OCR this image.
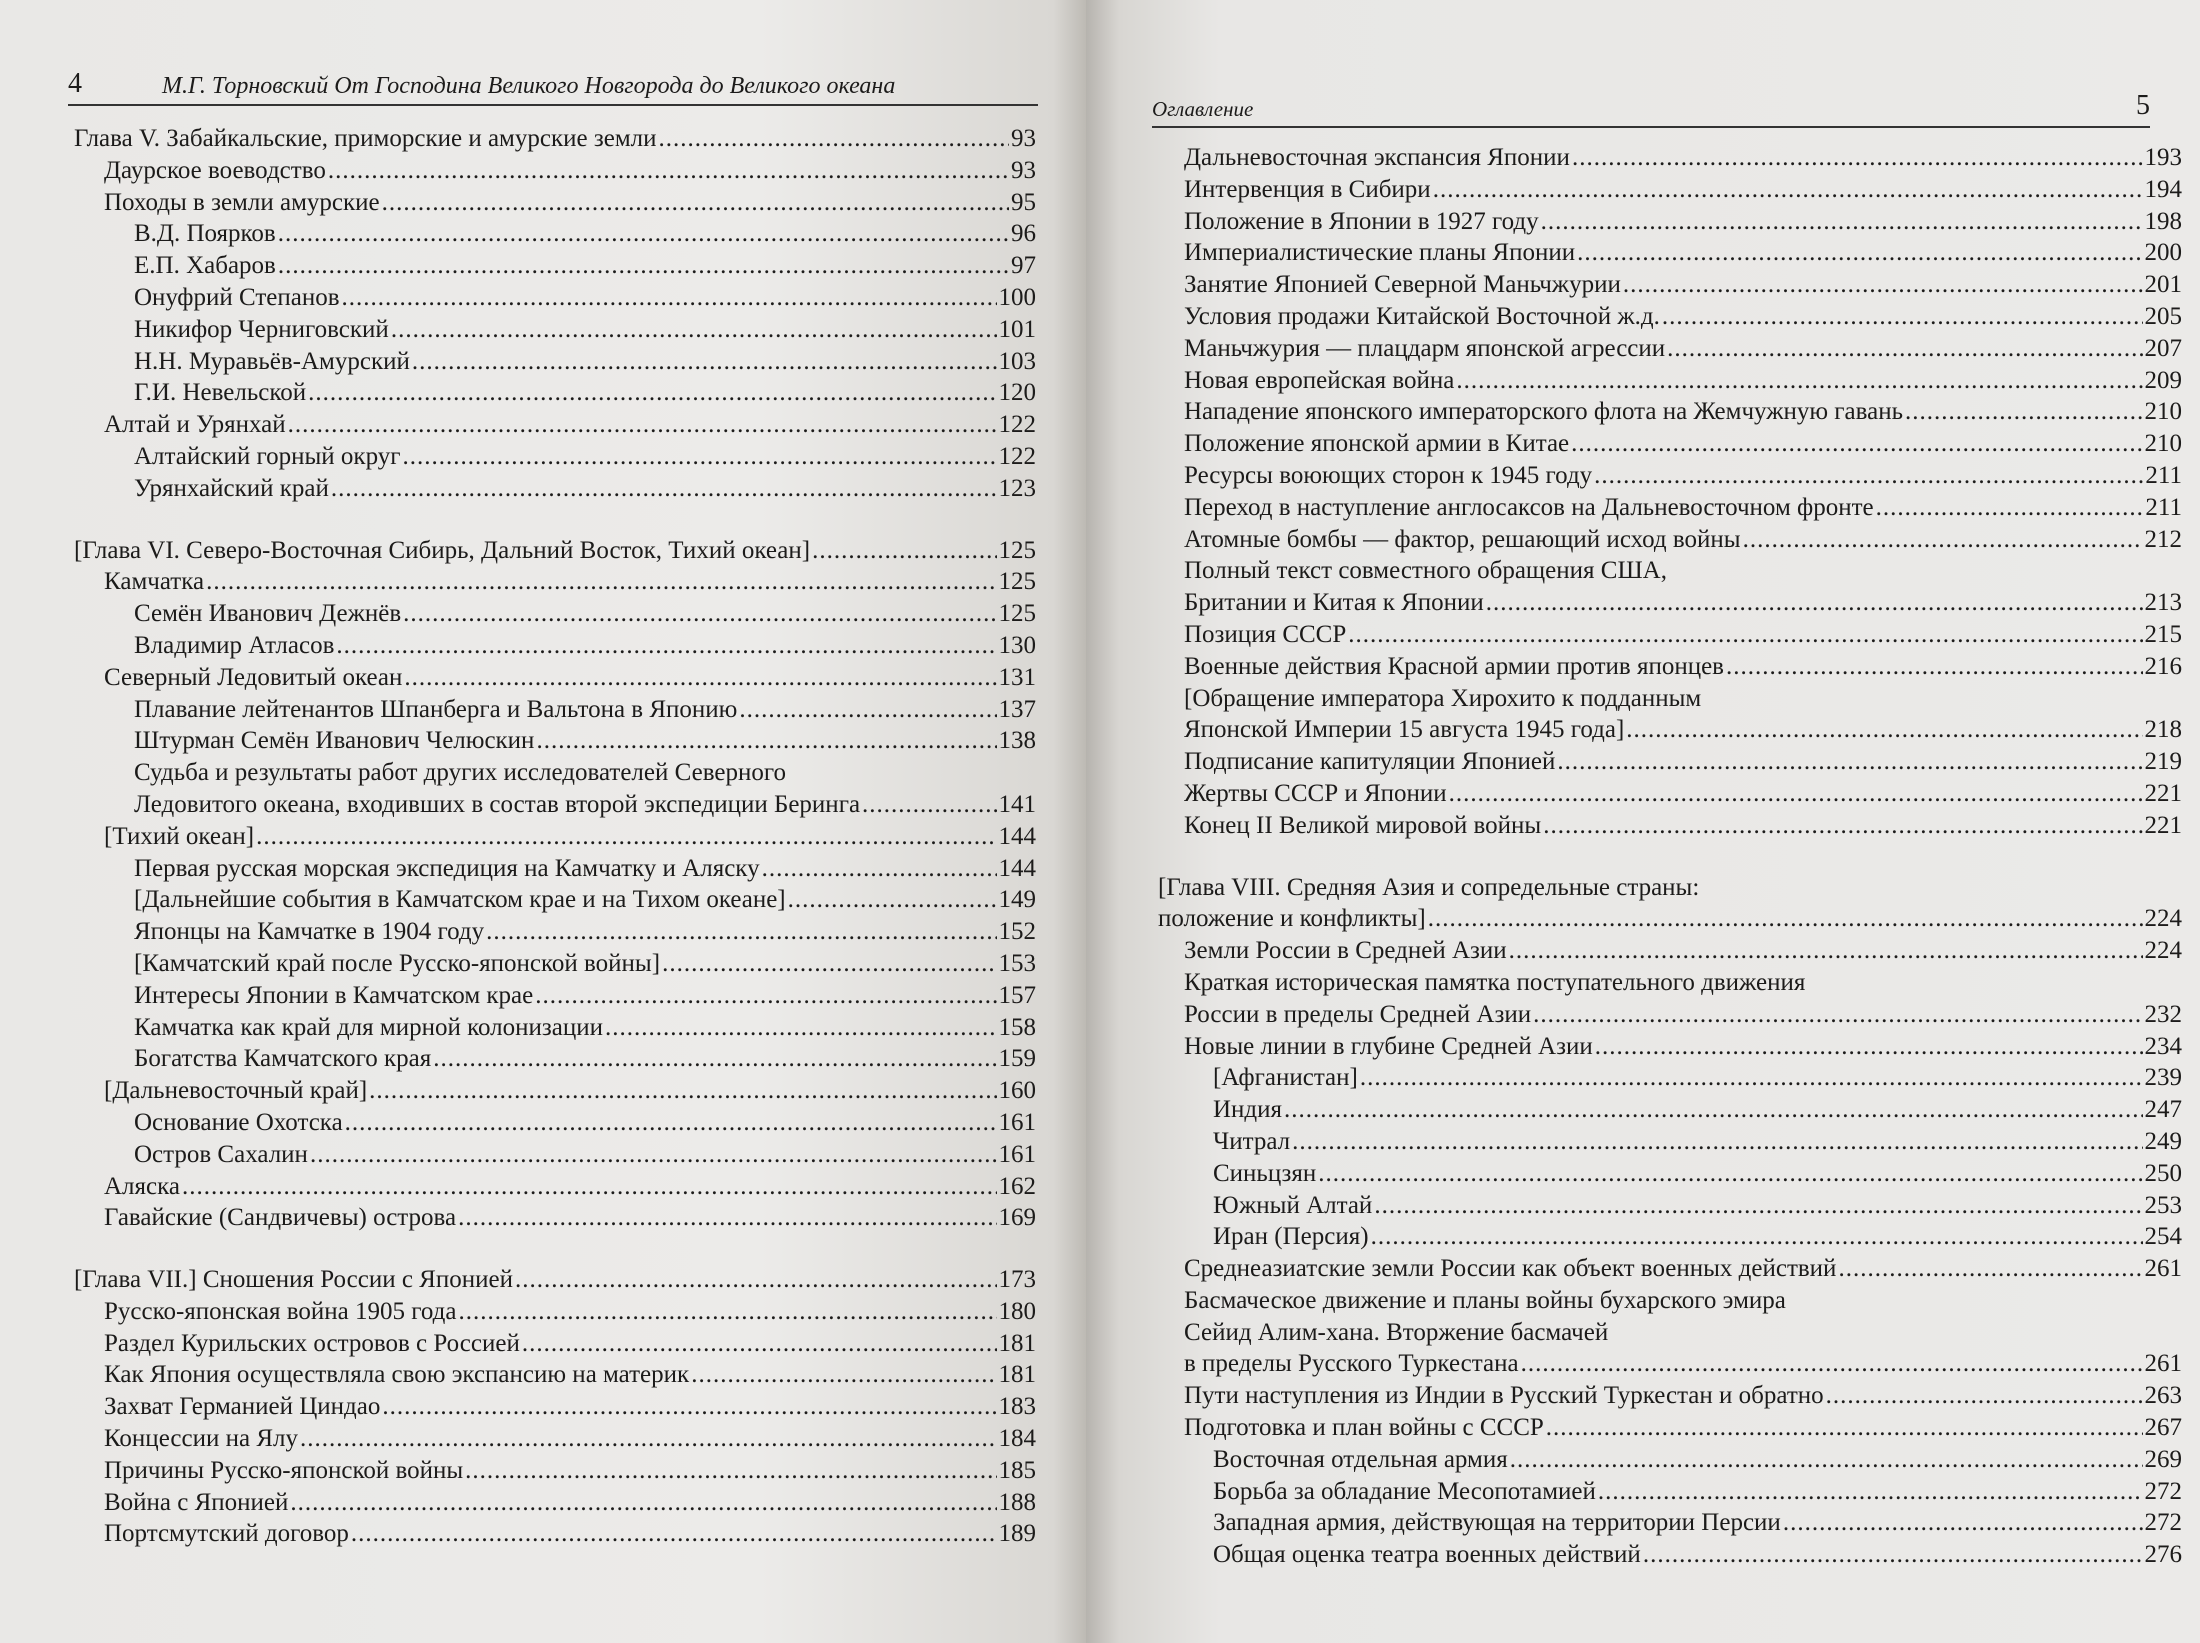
4	М.Г. Торновский От Господина Великого Новгорода до Великого океана
Глава V. Забайкальские, приморские и амурские земли .....	93
Даурское воеводство .....	93
Походы в земли амурские .....	95
В.Д. Поярков .....	96
Е.П. Хабаров .....	97
Онуфрий Степанов .....	100
Никифор Черниговский .....	101
Н.Н. Муравьёв-Амурский .....	103
Г.И. Невельской .....	120
Алтай и Урянхай .....	122
Алтайский горный округ .....	122
Урянхайский край .....	123
[Глава VI. Северо-Восточная Сибирь, Дальний Восток, Тихий океан] .....	125
Камчатка .....	125
Семён Иванович Дежнёв .....	125
Владимир Атласов .....	130
Северный Ледовитый океан .....	131
Плавание лейтенантов Шпанберга и Вальтона в Японию .....	137
Штурман Семён Иванович Челюскин .....	138
Судьба и результаты работ других исследователей Северного
Ледовитого океана, входивших в состав второй экспедиции Беринга .....	141
[Тихий океан] .....	144
Первая русская морская экспедиция на Камчатку и Аляску .....	144
[Дальнейшие события в Камчатском крае и на Тихом океане] .....	149
Японцы на Камчатке в 1904 году .....	152
[Камчатский край после Русско-японской войны] .....	153
Интересы Японии в Камчатском крае .....	157
Камчатка как край для мирной колонизации .....	158
Богатства Камчатского края .....	159
[Дальневосточный край] .....	160
Основание Охотска .....	161
Остров Сахалин .....	161
Аляска .....	162
Гавайские (Сандвичевы) острова .....	169
[Глава VII.] Сношения России с Японией .....	173
Русско-японская война 1905 года .....	180
Раздел Курильских островов с Россией .....	181
Как Япония осуществляла свою экспансию на материк .....	181
Захват Германией Циндао .....	183
Концессии на Ялу .....	184
Причины Русско-японской войны .....	185
Война с Японией .....	188
Портсмутский договор .....	189
Оглавление	5
Дальневосточная экспансия Японии .....	193
Интервенция в Сибири .....	194
Положение в Японии в 1927 году .....	198
Империалистические планы Японии .....	200
Занятие Японией Северной Маньчжурии .....	201
Условия продажи Китайской Восточной ж.д. .....	205
Маньчжурия — плацдарм японской агрессии .....	207
Новая европейская война .....	209
Нападение японского императорского флота на Жемчужную гавань .....	210
Положение японской армии в Китае .....	210
Ресурсы воюющих сторон к 1945 году .....	211
Переход в наступление англосаксов на Дальневосточном фронте .....	211
Атомные бомбы — фактор, решающий исход войны .....	212
Полный текст совместного обращения США,
Британии и Китая к Японии .....	213
Позиция СССР .....	215
Военные действия Красной армии против японцев .....	216
[Обращение императора Хирохито к подданным
Японской Империи 15 августа 1945 года] .....	218
Подписание капитуляции Японией .....	219
Жертвы СССР и Японии .....	221
Конец II Великой мировой войны .....	221
[Глава VIII. Средняя Азия и сопредельные страны:
положение и конфликты] .....	224
Земли России в Средней Азии .....	224
Краткая историческая памятка поступательного движения
России в пределы Средней Азии .....	232
Новые линии в глубине Средней Азии .....	234
[Афганистан] .....	239
Индия .....	247
Читрал .....	249
Синьцзян .....	250
Южный Алтай .....	253
Иран (Персия) .....	254
Среднеазиатские земли России как объект военных действий .....	261
Басмаческое движение и планы войны бухарского эмира
Сейид Алим-хана. Вторжение басмачей
в пределы Русского Туркестана .....	261
Пути наступления из Индии в Русский Туркестан и обратно .....	263
Подготовка и план войны с СССР .....	267
Восточная отдельная армия .....	269
Борьба за обладание Месопотамией .....	272
Западная армия, действующая на территории Персии .....	272
Общая оценка театра военных действий .....	276
